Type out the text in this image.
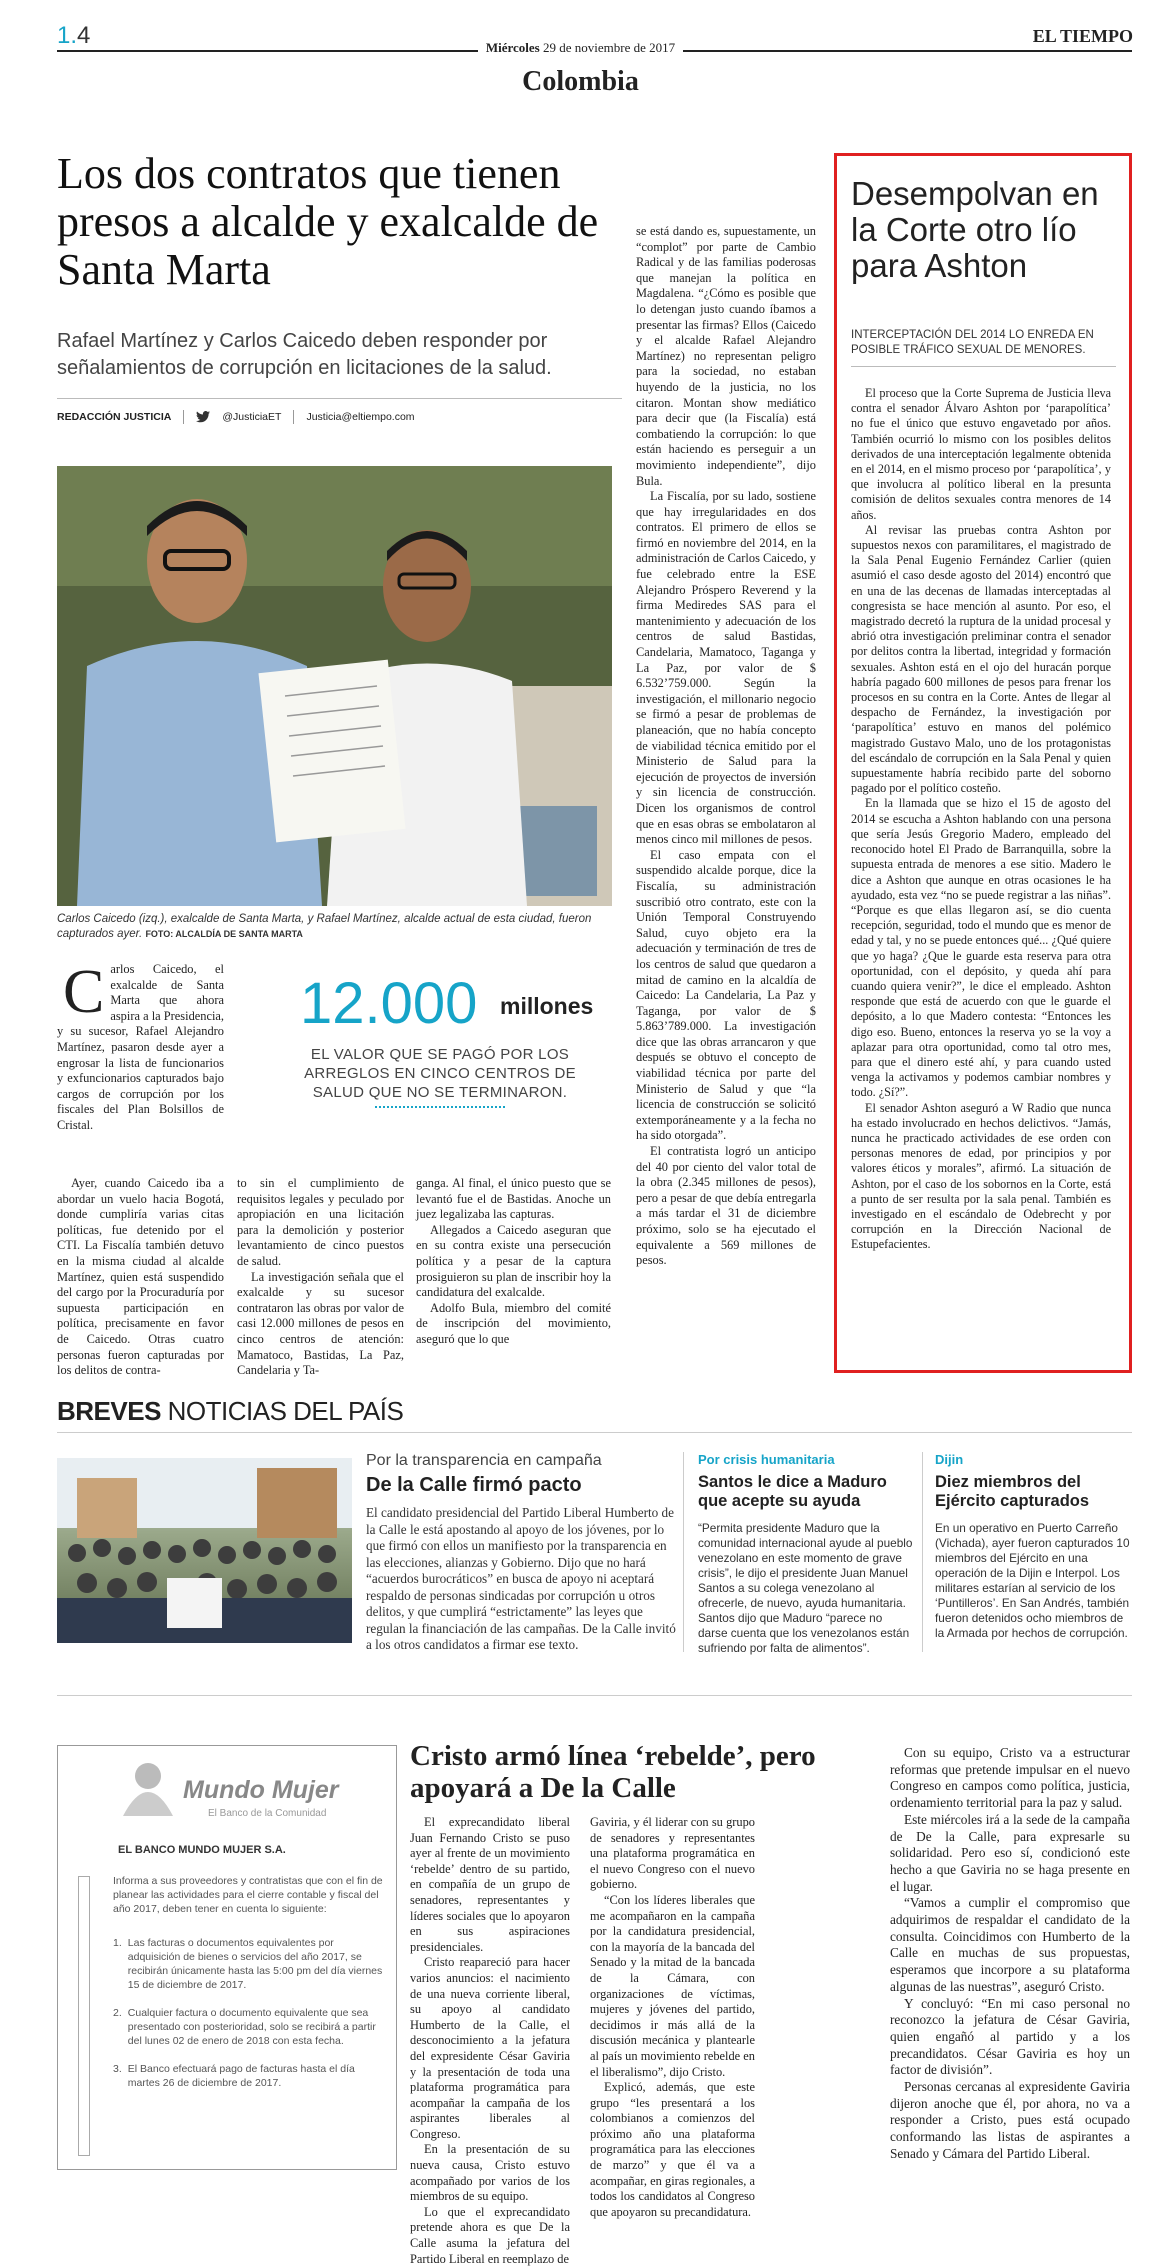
1.4	Miércoles 29 de noviembre de 2017
EL TIEMPO
Colombia
Los dos contratos que tienen presos a alcalde y exalcalde de Santa Marta
Rafael Martínez y Carlos Caicedo deben responder por señalamientos de corrupción en licitaciones de la salud.
REDACCIÓN JUSTICIA	@JusticiaET Justicia@eltiempo.com
Carlos Caicedo (izq.), exalcalde de Santa Marta, y Rafael Martínez, alcalde actual de esta ciudad, fueron capturados ayer. FOTO: ALCALDÍA DE SANTA MARTA
C arlos Caicedo, el exalcalde de Santa Marta que ahora aspira a la Presidencia, y su sucesor, Rafael Alejandro Martínez, pasaron desde ayer a engrosar la lista de funcionarios y exfuncionarios capturados bajo cargos de corrupción por los fiscales del Plan Bolsillos de Cristal.
12.000 millones
EL VALOR QUE SE PAGÓ POR LOS ARREGLOS EN CINCO CENTROS DE SALUD QUE NO SE TERMINARON.

Ayer, cuando Caicedo iba a abordar un vuelo hacia Bogotá, donde cumpliría varias citas políticas, fue detenido por el CTI. La Fiscalía también detuvo en la misma ciudad al alcalde Martínez, quien está suspendido del cargo por la Procuraduría por supuesta participación en política, precisamente en favor de Caicedo. Otras cuatro personas fueron capturadas por los delitos de contra-

to sin el cumplimiento de requisitos legales y peculado por apropiación en una licitación para la demolición y posterior levantamiento de cinco puestos de salud.

La investigación señala que el exalcalde y su sucesor contrataron las obras por valor de casi 12.000 millones de pesos en cinco centros de atención: Mamatoco, Bastidas, La Paz, Candelaria y Ta-

ganga. Al final, el único puesto que se levantó fue el de Bastidas. Anoche un juez legalizaba las capturas.

Allegados a Caicedo aseguran que en su contra existe una persecución política y a pesar de la captura prosiguieron su plan de inscribir hoy la candidatura del exalcalde.

Adolfo Bula, miembro del comité de inscripción del movimiento, aseguró que lo que

se está dando es, supuestamente, un “complot” por parte de Cambio Radical y de las familias poderosas que manejan la política en Magdalena. “¿Cómo es posible que lo detengan justo cuando íbamos a presentar las firmas? Ellos (Caicedo y el alcalde Rafael Alejandro Martínez) no representan peligro para la sociedad, no estaban huyendo de la justicia, no los citaron. Montan show mediático para decir que (la Fiscalía) está combatiendo la corrupción: lo que están haciendo es perseguir a un movimiento independiente”, dijo Bula.

La Fiscalía, por su lado, sostiene que hay irregularidades en dos contratos. El primero de ellos se firmó en noviembre del 2014, en la administración de Carlos Caicedo, y fue celebrado entre la ESE Alejandro Próspero Reverend y la firma Mediredes SAS para el mantenimiento y adecuación de los centros de salud Bastidas, Candelaria, Mamatoco, Taganga y La Paz, por valor de $ 6.532’759.000. Según la investigación, el millonario negocio se firmó a pesar de problemas de planeación, que no había concepto de viabilidad técnica emitido por el Ministerio de Salud para la ejecución de proyectos de inversión y sin licencia de construcción. Dicen los organismos de control que en esas obras se embolataron al menos cinco mil millones de pesos.

El caso empata con el suspendido alcalde porque, dice la Fiscalía, su administración suscribió otro contrato, este con la Unión Temporal Construyendo Salud, cuyo objeto era la adecuación y terminación de tres de los centros de salud que quedaron a mitad de camino en la alcaldía de Caicedo: La Candelaria, La Paz y Taganga, por valor de $ 5.863’789.000. La investigación dice que las obras arrancaron y que después se obtuvo el concepto de viabilidad técnica por parte del Ministerio de Salud y que “la licencia de construcción se solicitó extemporáneamente y a la fecha no ha sido otorgada”.

El contratista logró un anticipo del 40 por ciento del valor total de la obra (2.345 millones de pesos), pero a pesar de que debía entregarla a más tardar el 31 de diciembre próximo, solo se ha ejecutado el equivalente a 569 millones de pesos.

Desempolvan en la Corte otro lío para Ashton
INTERCEPTACIÓN DEL 2014 LO ENREDA EN POSIBLE TRÁFICO SEXUAL DE MENORES.

El proceso que la Corte Suprema de Justicia lleva contra el senador Álvaro Ashton por ‘parapolítica’ no fue el único que estuvo engavetado por años. También ocurrió lo mismo con los posibles delitos derivados de una interceptación legalmente obtenida en el 2014, en el mismo proceso por ‘parapolítica’, y que involucra al político liberal en la presunta comisión de delitos sexuales contra menores de 14 años.

Al revisar las pruebas contra Ashton por supuestos nexos con paramilitares, el magistrado de la Sala Penal Eugenio Fernández Carlier (quien asumió el caso desde agosto del 2014) encontró que en una de las decenas de llamadas interceptadas al congresista se hace mención al asunto. Por eso, el magistrado decretó la ruptura de la unidad procesal y abrió otra investigación preliminar contra el senador por delitos contra la libertad, integridad y formación sexuales. Ashton está en el ojo del huracán porque habría pagado 600 millones de pesos para frenar los procesos en su contra en la Corte. Antes de llegar al despacho de Fernández, la investigación por ‘parapolítica’ estuvo en manos del polémico magistrado Gustavo Malo, uno de los protagonistas del escándalo de corrupción en la Sala Penal y quien supuestamente habría recibido parte del soborno pagado por el político costeño.

En la llamada que se hizo el 15 de agosto del 2014 se escucha a Ashton hablando con una persona que sería Jesús Gregorio Madero, empleado del reconocido hotel El Prado de Barranquilla, sobre la supuesta entrada de menores a ese sitio. Madero le dice a Ashton que aunque en otras ocasiones le ha ayudado, esta vez “no se puede registrar a las niñas”. “Porque es que ellas llegaron así, se dio cuenta recepción, seguridad, todo el mundo que es menor de edad y tal, y no se puede entonces qué... ¿Qué quiere que yo haga? ¿Que le guarde esta reserva para otra oportunidad, con el depósito, y queda ahí para cuando quiera venir?”, le dice el empleado. Ashton responde que está de acuerdo con que le guarde el depósito, a lo que Madero contesta: “Entonces les digo eso. Bueno, entonces la reserva yo se la voy a aplazar para otra oportunidad, como tal otro mes, para que el dinero esté ahí, y para cuando usted venga la activamos y podemos cambiar nombres y todo. ¿Sí?”.

El senador Ashton aseguró a W Radio que nunca ha estado involucrado en hechos delictivos. “Jamás, nunca he practicado actividades de ese orden con personas menores de edad, por principios y por valores éticos y morales”, afirmó. La situación de Ashton, por el caso de los sobornos en la Corte, está a punto de ser resulta por la sala penal. También es investigado en el escándalo de Odebrecht y por corrupción en la Dirección Nacional de Estupefacientes.

BREVES NOTICIAS DEL PAÍS
Por la transparencia en campaña
De la Calle firmó pacto
El candidato presidencial del Partido Liberal Humberto de la Calle le está apostando al apoyo de los jóvenes, por lo que firmó con ellos un manifiesto por la transparencia en las elecciones, alianzas y Gobierno. Dijo que no hará “acuerdos burocráticos” en busca de apoyo ni aceptará respaldo de personas sindicadas por corrupción u otros delitos, y que cumplirá “estrictamente” las leyes que regulan la financiación de las campañas. De la Calle invitó a los otros candidatos a firmar ese texto.
Por crisis humanitaria
Santos le dice a Maduro que acepte su ayuda
“Permita presidente Maduro que la comunidad internacional ayude al pueblo venezolano en este momento de grave crisis”, le dijo el presidente Juan Manuel Santos a su colega venezolano al ofrecerle, de nuevo, ayuda humanitaria. Santos dijo que Maduro “parece no darse cuenta que los venezolanos están sufriendo por falta de alimentos”.
Dijin
Diez miembros del Ejército capturados
En un operativo en Puerto Carreño (Vichada), ayer fueron capturados 10 miembros del Ejército en una operación de la Dijin e Interpol. Los militares estarían al servicio de los ‘Puntilleros’. En San Andrés, también fueron detenidos ocho miembros de la Armada por hechos de corrupción.
Mundo Mujer
El Banco de la Comunidad
EL BANCO MUNDO MUJER S.A.
Informa a sus proveedores y contratistas que con el fin de planear las actividades para el cierre contable y fiscal del año 2017, deben tener en cuenta lo siguiente:
1. Las facturas o documentos equivalentes por adquisición de bienes o servicios del año 2017, se recibirán únicamente hasta las 5:00 pm del día viernes 15 de diciembre de 2017.
2. Cualquier factura o documento equivalente que sea presentado con posterioridad, solo se recibirá a partir del lunes 02 de enero de 2018 con esta fecha.
3. El Banco efectuará pago de facturas hasta el día martes 26 de diciembre de 2017.
Cristo armó línea ‘rebelde’, pero apoyará a De la Calle

El exprecandidato liberal Juan Fernando Cristo se puso ayer al frente de un movimiento ‘rebelde’ dentro de su partido, en compañía de un grupo de senadores, representantes y líderes sociales que lo apoyaron en sus aspiraciones presidenciales.

Cristo reapareció para hacer varios anuncios: el nacimiento de una nueva corriente liberal, su apoyo al candidato Humberto de la Calle, el desconocimiento a la jefatura del expresidente César Gaviria y la presentación de toda una plataforma programática para acompañar la campaña de los aspirantes liberales al Congreso.

En la presentación de su nueva causa, Cristo estuvo acompañado por varios de los miembros de su equipo.

Lo que el exprecandidato pretende ahora es que De la Calle asuma la jefatura del Partido Liberal en reemplazo de

Gaviria, y él liderar con su grupo de senadores y representantes una plataforma programática en el nuevo Congreso con el nuevo gobierno.

“Con los líderes liberales que me acompañaron en la campaña por la candidatura presidencial, con la mayoría de la bancada del Senado y la mitad de la bancada de la Cámara, con organizaciones de víctimas, mujeres y jóvenes del partido, decidimos ir más allá de la discusión mecánica y plantearle al país un movimiento rebelde en el liberalismo”, dijo Cristo.

Explicó, además, que este grupo “les presentará a los colombianos a comienzos del próximo año una plataforma programática para las elecciones de marzo” y que él va a acompañar, en giras regionales, a todos los candidatos al Congreso que apoyaron su precandidatura.

Con su equipo, Cristo va a estructurar reformas que pretende impulsar en el nuevo Congreso en campos como política, justicia, ordenamiento territorial para la paz y salud.

Este miércoles irá a la sede de la campaña de De la Calle, para expresarle su solidaridad. Pero eso sí, condicionó este hecho a que Gaviria no se haga presente en el lugar.

“Vamos a cumplir el compromiso que adquirimos de respaldar el candidato de la consulta. Coincidimos con Humberto de la Calle en muchas de sus propuestas, esperamos que incorpore a su plataforma algunas de las nuestras”, aseguró Cristo.

Y concluyó: “En mi caso personal no reconozco la jefatura de César Gaviria, quien engañó al partido y a los precandidatos. César Gaviria es hoy un factor de división”.

Personas cercanas al expresidente Gaviria dijeron anoche que él, por ahora, no va a responder a Cristo, pues está ocupado conformando las listas de aspirantes a Senado y Cámara del Partido Liberal.
